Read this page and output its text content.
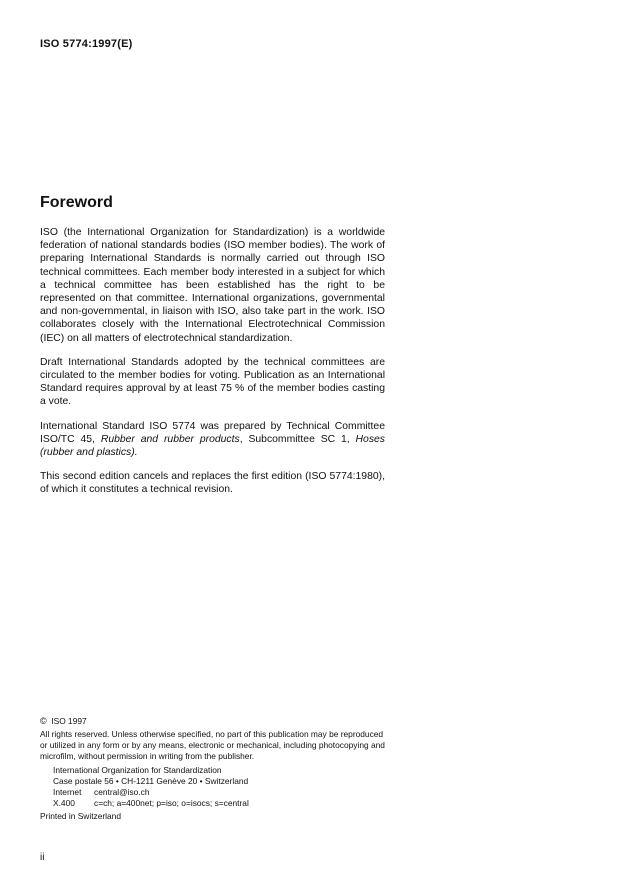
ISO 5774:1997(E)
Foreword

ISO (the International Organization for Standardization) is a worldwide federation of national standards bodies (ISO member bodies). The work of preparing International Standards is normally carried out through ISO technical committees. Each member body interested in a subject for which a technical committee has been established has the right to be represented on that committee. International organizations, governmental and non-governmental, in liaison with ISO, also take part in the work. ISO collaborates closely with the International Electrotechnical Commission (IEC) on all matters of electrotechnical standardization.

Draft International Standards adopted by the technical committees are circulated to the member bodies for voting. Publication as an International Standard requires approval by at least 75 % of the member bodies casting a vote.

International Standard ISO 5774 was prepared by Technical Committee ISO/TC 45, Rubber and rubber products, Subcommittee SC 1, Hoses (rubber and plastics).

This second edition cancels and replaces the first edition (ISO 5774:1980), of which it constitutes a technical revision.

© ISO 1997
All rights reserved. Unless otherwise specified, no part of this publication may be reproduced
or utilized in any form or by any means, electronic or mechanical, including photocopying and
microfilm, without permission in writing from the publisher.
International Organization for Standardization
Case postale 56 • CH-1211 Genève 20 • Switzerland
Internet central@iso.ch
X.400 c=ch; a=400net; p=iso; o=isocs; s=central
Printed in Switzerland
ii
